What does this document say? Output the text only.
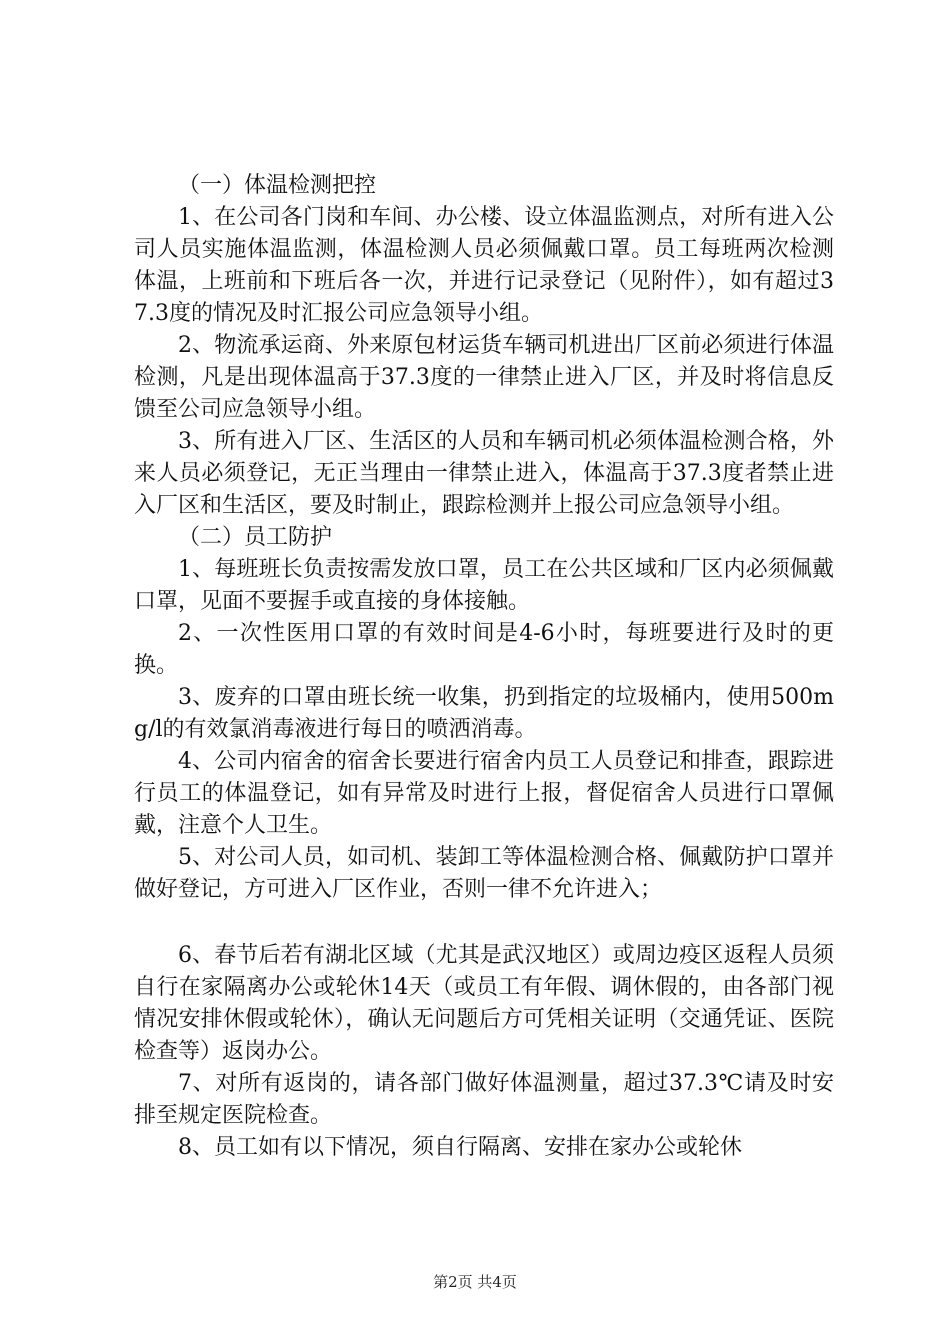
（一）体温检测把控

1、在公司各门岗和车间、办公楼、设立体温监测点，对所有进入公司人员实施体温监测，体温检测人员必须佩戴口罩。员工每班两次检测体温，上班前和下班后各一次，并进行记录登记（见附件），如有超过37.3度的情况及时汇报公司应急领导小组。

2、物流承运商、外来原包材运货车辆司机进出厂区前必须进行体温检测，凡是出现体温高于37.3度的一律禁止进入厂区，并及时将信息反馈至公司应急领导小组。

3、所有进入厂区、生活区的人员和车辆司机必须体温检测合格，外来人员必须登记，无正当理由一律禁止进入，体温高于37.3度者禁止进入厂区和生活区，要及时制止，跟踪检测并上报公司应急领导小组。

（二）员工防护

1、每班班长负责按需发放口罩，员工在公共区域和厂区内必须佩戴口罩，见面不要握手或直接的身体接触。

2、一次性医用口罩的有效时间是4-6小时，每班要进行及时的更换。

3、废弃的口罩由班长统一收集，扔到指定的垃圾桶内，使用500mg/l的有效氯消毒液进行每日的喷洒消毒。

4、公司内宿舍的宿舍长要进行宿舍内员工人员登记和排查，跟踪进行员工的体温登记，如有异常及时进行上报，督促宿舍人员进行口罩佩戴，注意个人卫生。

5、对公司人员，如司机、装卸工等体温检测合格、佩戴防护口罩并做好登记，方可进入厂区作业，否则一律不允许进入；

6、春节后若有湖北区域（尤其是武汉地区）或周边疫区返程人员须自行在家隔离办公或轮休14天（或员工有年假、调休假的，由各部门视情况安排休假或轮休），确认无问题后方可凭相关证明（交通凭证、医院检查等）返岗办公。

7、对所有返岗的，请各部门做好体温测量，超过37.3℃请及时安排至规定医院检查。

8、员工如有以下情况，须自行隔离、安排在家办公或轮休

第2页 共4页
